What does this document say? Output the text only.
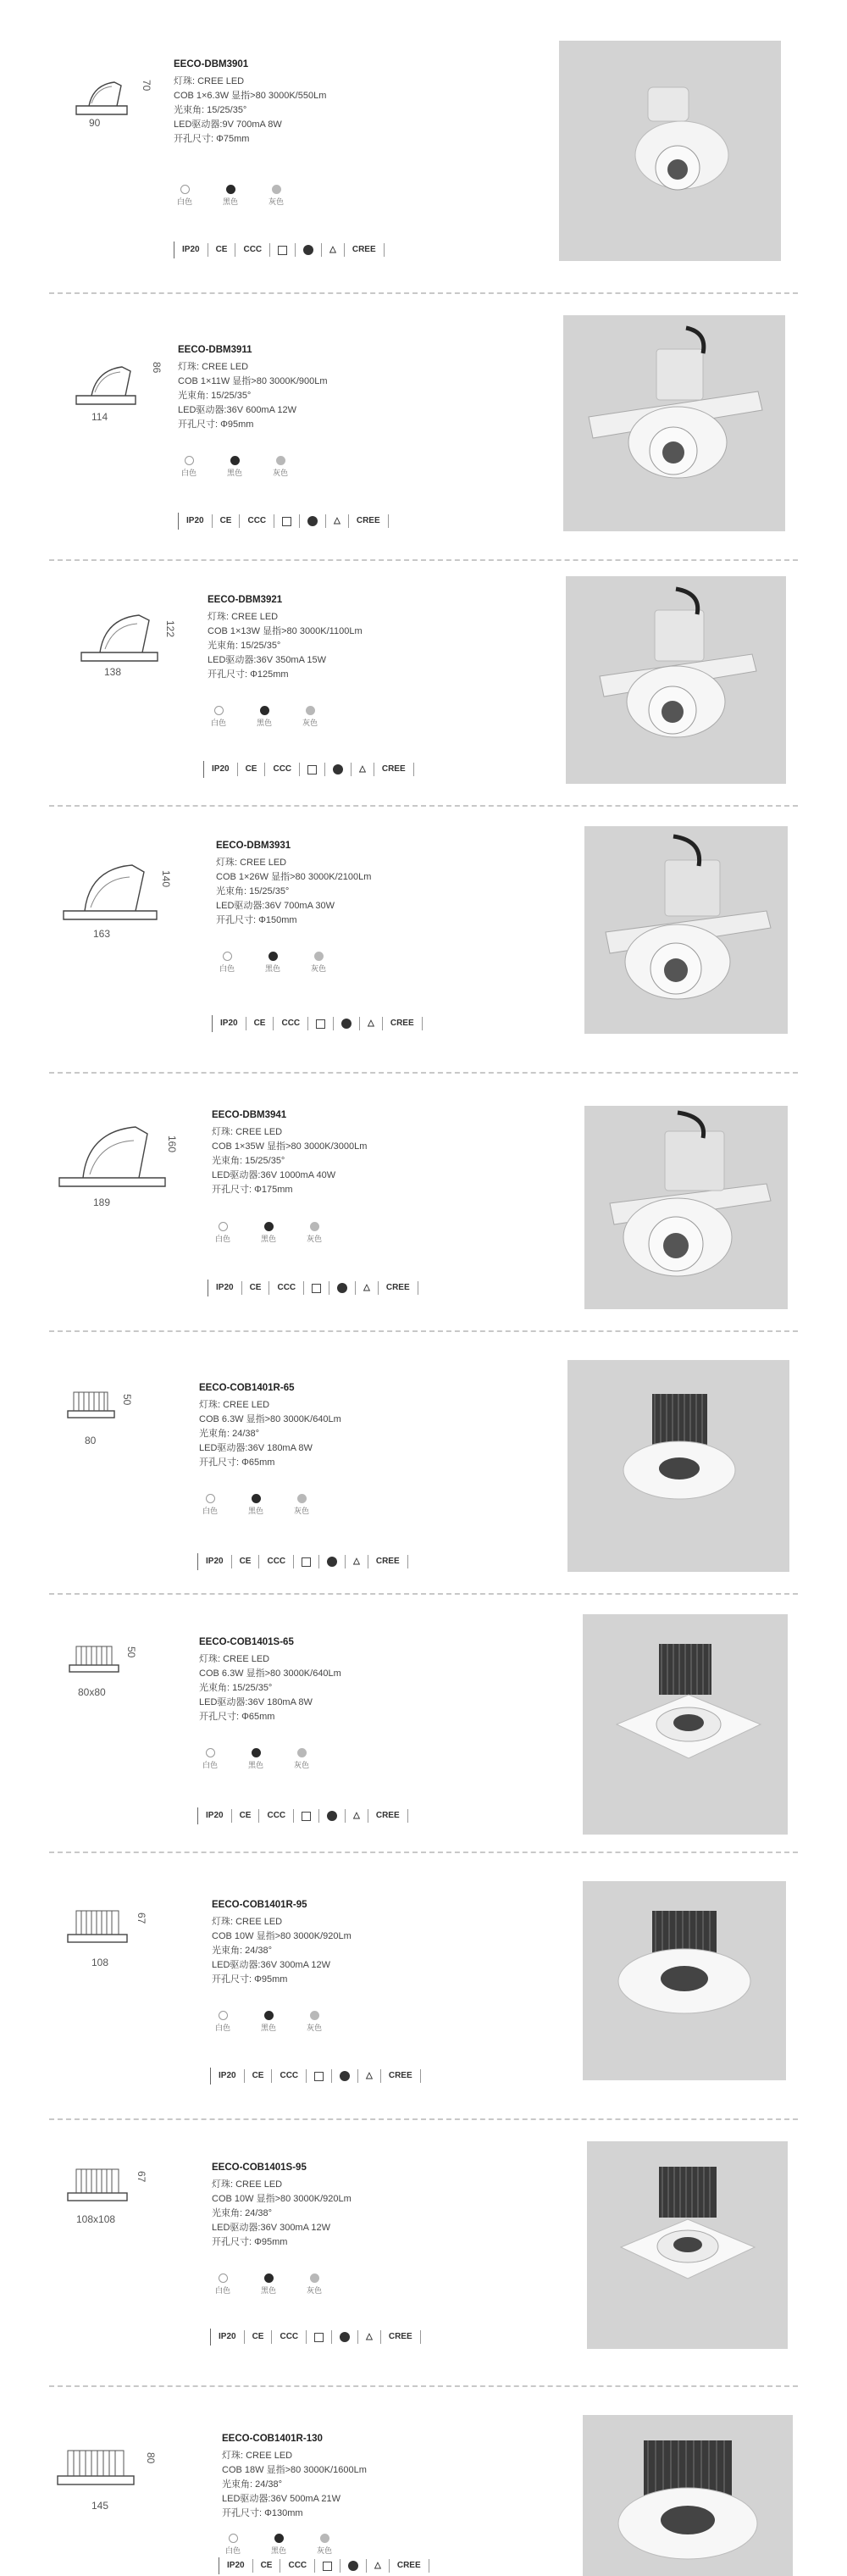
90
70
EECO-DBM3901
灯珠: CREE LED
COB 1×6.3W 显指>80 3000K/550Lm
光束角: 15/25/35°
LED驱动器:9V 700mA 8W
开孔尺寸: Φ75mm
白色	黑色	灰色
IP20	CE	CCC	△	CREE
114
86
EECO-DBM3911
灯珠: CREE LED
COB 1×11W 显指>80 3000K/900Lm
光束角: 15/25/35°
LED驱动器:36V 600mA 12W
开孔尺寸: Φ95mm
白色	黑色	灰色
IP20	CE	CCC	△	CREE
138
122
EECO-DBM3921
灯珠: CREE LED
COB 1×13W 显指>80 3000K/1100Lm
光束角: 15/25/35°
LED驱动器:36V 350mA 15W
开孔尺寸: Φ125mm
白色	黑色	灰色
IP20	CE	CCC	△	CREE
163
140
EECO-DBM3931
灯珠: CREE LED
COB 1×26W 显指>80 3000K/2100Lm
光束角: 15/25/35°
LED驱动器:36V 700mA 30W
开孔尺寸: Φ150mm
白色	黑色	灰色
IP20	CE	CCC	△	CREE
189
160
EECO-DBM3941
灯珠: CREE LED
COB 1×35W 显指>80 3000K/3000Lm
光束角: 15/25/35°
LED驱动器:36V 1000mA 40W
开孔尺寸: Φ175mm
白色	黑色	灰色
IP20	CE	CCC	△	CREE
80
50
EECO-COB1401R-65
灯珠: CREE LED
COB 6.3W 显指>80 3000K/640Lm
光束角: 24/38°
LED驱动器:36V 180mA 8W
开孔尺寸: Φ65mm
白色	黑色	灰色
IP20	CE	CCC	△	CREE
80x80
50
EECO-COB1401S-65
灯珠: CREE LED
COB 6.3W 显指>80 3000K/640Lm
光束角: 15/25/35°
LED驱动器:36V 180mA 8W
开孔尺寸: Φ65mm
白色	黑色	灰色
IP20	CE	CCC	△	CREE
108
67
EECO-COB1401R-95
灯珠: CREE LED
COB 10W 显指>80 3000K/920Lm
光束角: 24/38°
LED驱动器:36V 300mA 12W
开孔尺寸: Φ95mm
白色	黑色	灰色
IP20	CE	CCC	△	CREE
108x108
67
EECO-COB1401S-95
灯珠: CREE LED
COB 10W 显指>80 3000K/920Lm
光束角: 24/38°
LED驱动器:36V 300mA 12W
开孔尺寸: Φ95mm
白色	黑色	灰色
IP20	CE	CCC	△	CREE
145
80
EECO-COB1401R-130
灯珠: CREE LED
COB 18W 显指>80 3000K/1600Lm
光束角: 24/38°
LED驱动器:36V 500mA 21W
开孔尺寸: Φ130mm
白色	黑色	灰色
IP20	CE	CCC	△	CREE
